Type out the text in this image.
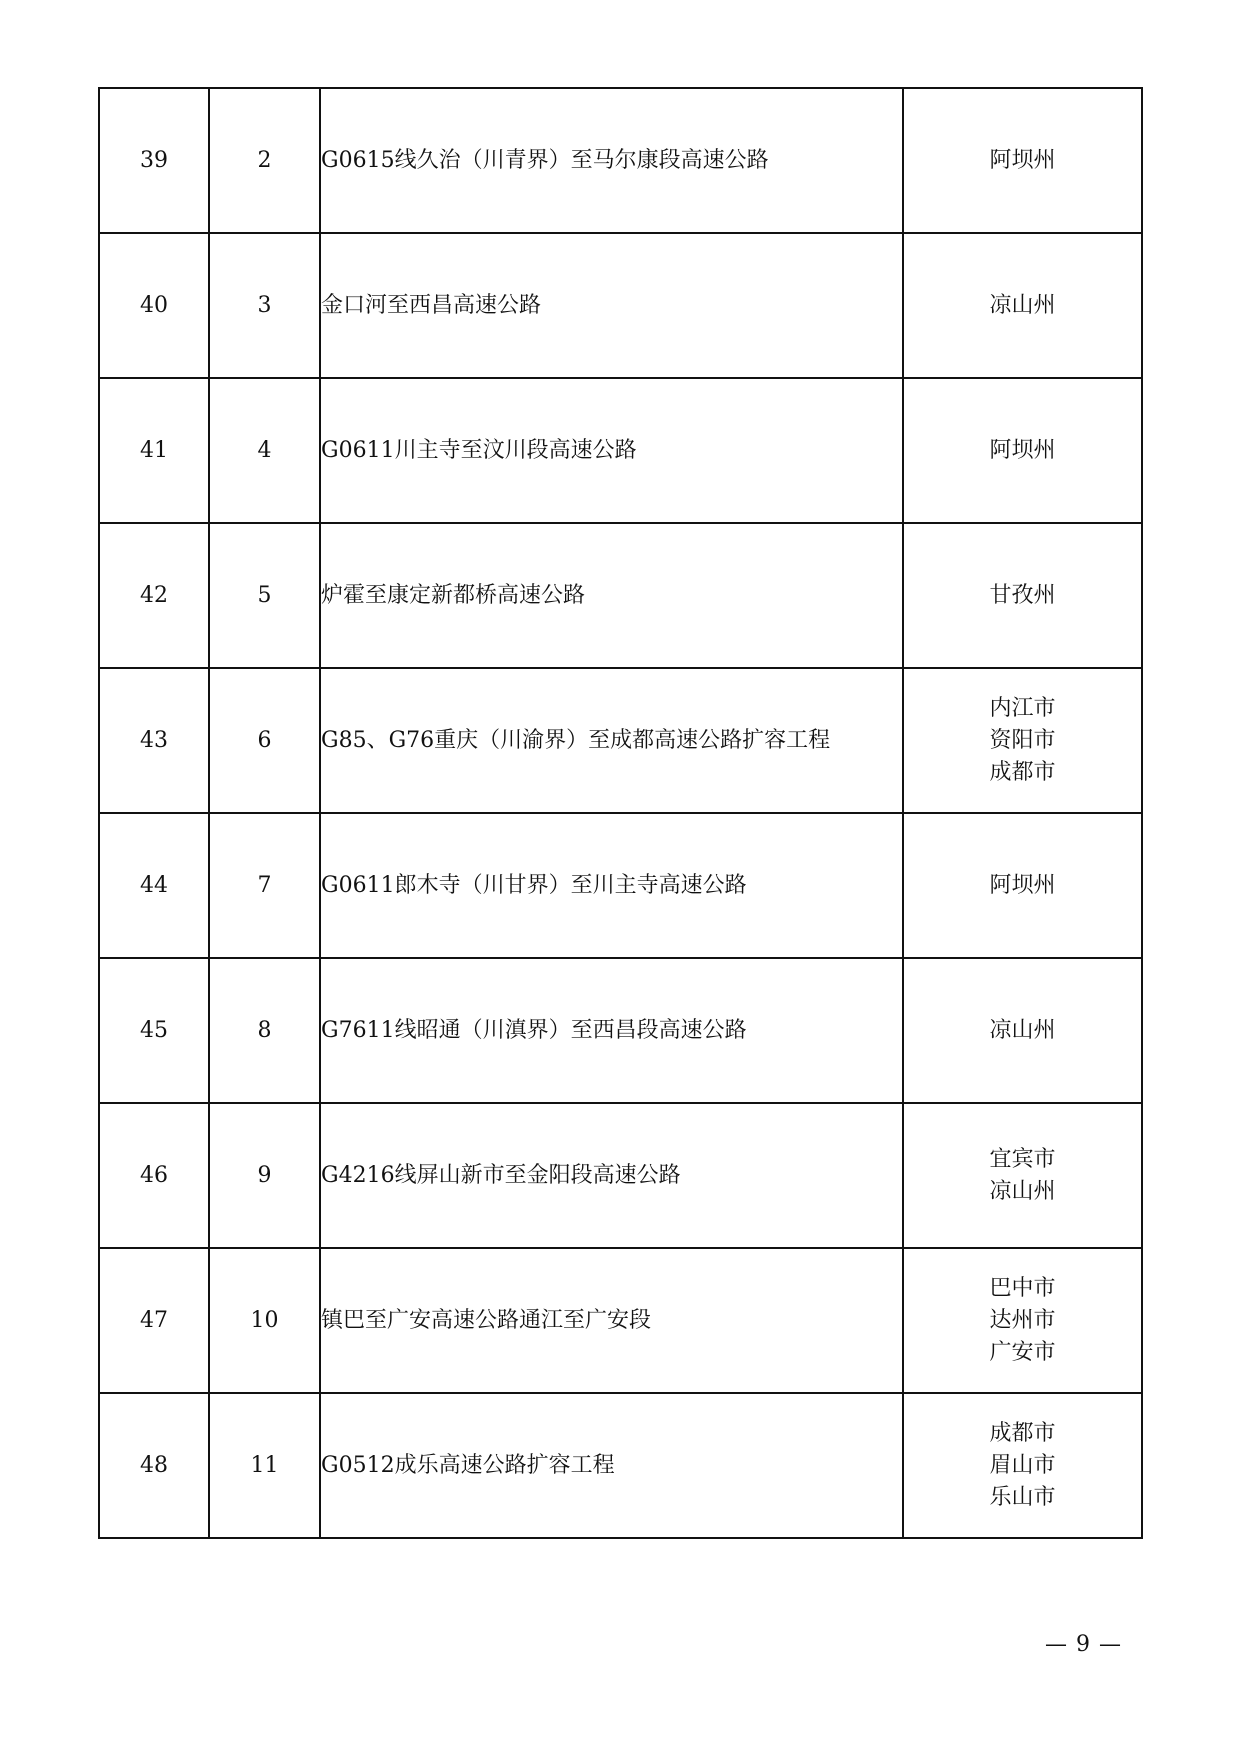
39	2	G0615线久治（川青界）至马尔康段高速公路	阿坝州

40	3	金口河至西昌高速公路	凉山州

41	4	G0611川主寺至汶川段高速公路	阿坝州

42	5	炉霍至康定新都桥高速公路	甘孜州

43	6	G85、G76重庆（川渝界）至成都高速公路扩容工程	内江市
资阳市
成都市

44	7	G0611郎木寺（川甘界）至川主寺高速公路	阿坝州

45	8	G7611线昭通（川滇界）至西昌段高速公路	凉山州

46	9	G4216线屏山新市至金阳段高速公路	宜宾市
凉山州

47	10	镇巴至广安高速公路通江至广安段	巴中市
达州市
广安市

48	11	G0512成乐高速公路扩容工程	成都市
眉山市
乐山市
— 9 —
